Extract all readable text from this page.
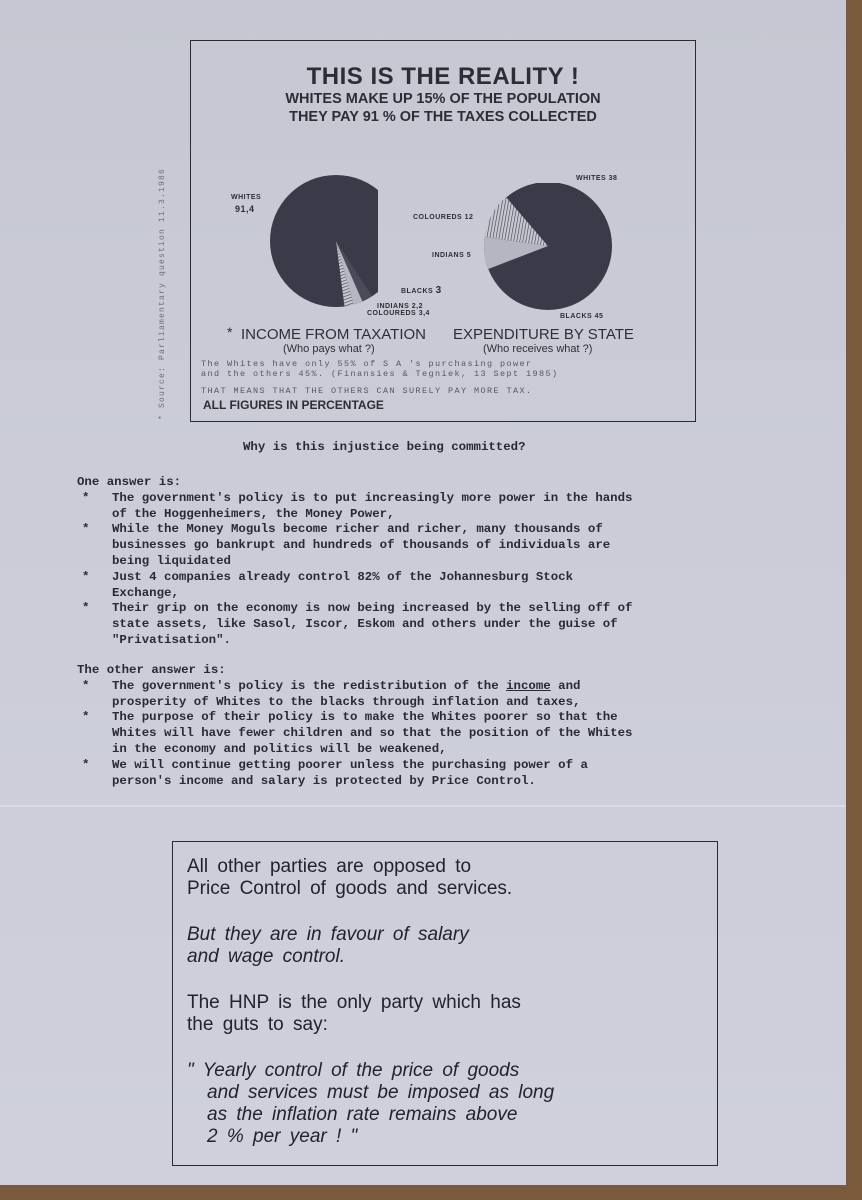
* Source: Parliamentary question 11.3.1986
THIS IS THE REALITY !
WHITES MAKE UP 15% OF THE POPULATION
THEY PAY 91 % OF THE TAXES COLLECTED
WHITES
91,4
BLACKS 3
INDIANS 2,2
COLOUREDS 3,4
WHITES 38
COLOUREDS 12
INDIANS 5
BLACKS 45
* INCOME FROM TAXATION
(Who pays what ?)
EXPENDITURE BY STATE
(Who receives what ?)
The Whites have only 55% of S A 's purchasing power
and the others 45%. (Finansies & Tegniek, 13 Sept 1985)
THAT MEANS THAT THE OTHERS CAN SURELY PAY MORE TAX.
ALL FIGURES IN PERCENTAGE
Why is this injustice being committed?
One answer is:
* The government's policy is to put increasingly more power in the hands
of the Hoggenheimers, the Money Power,
* While the Money Moguls become richer and richer, many thousands of
businesses go bankrupt and hundreds of thousands of individuals are
being liquidated
* Just 4 companies already control 82% of the Johannesburg Stock
Exchange,
* Their grip on the economy is now being increased by the selling off of
state assets, like Sasol, Iscor, Eskom and others under the guise of
"Privatisation".
The other answer is:
* The government's policy is the redistribution of the income and
prosperity of Whites to the blacks through inflation and taxes,
* The purpose of their policy is to make the Whites poorer so that the
Whites will have fewer children and so that the position of the Whites
in the economy and politics will be weakened,
* We will continue getting poorer unless the purchasing power of a
person's income and salary is protected by Price Control.
All other parties are opposed to
Price Control of goods and services.
But they are in favour of salary
and wage control.
The HNP is the only party which has
the guts to say:
" Yearly control of the price of goods
and services must be imposed as long
as the inflation rate remains above
2 % per year ! "
